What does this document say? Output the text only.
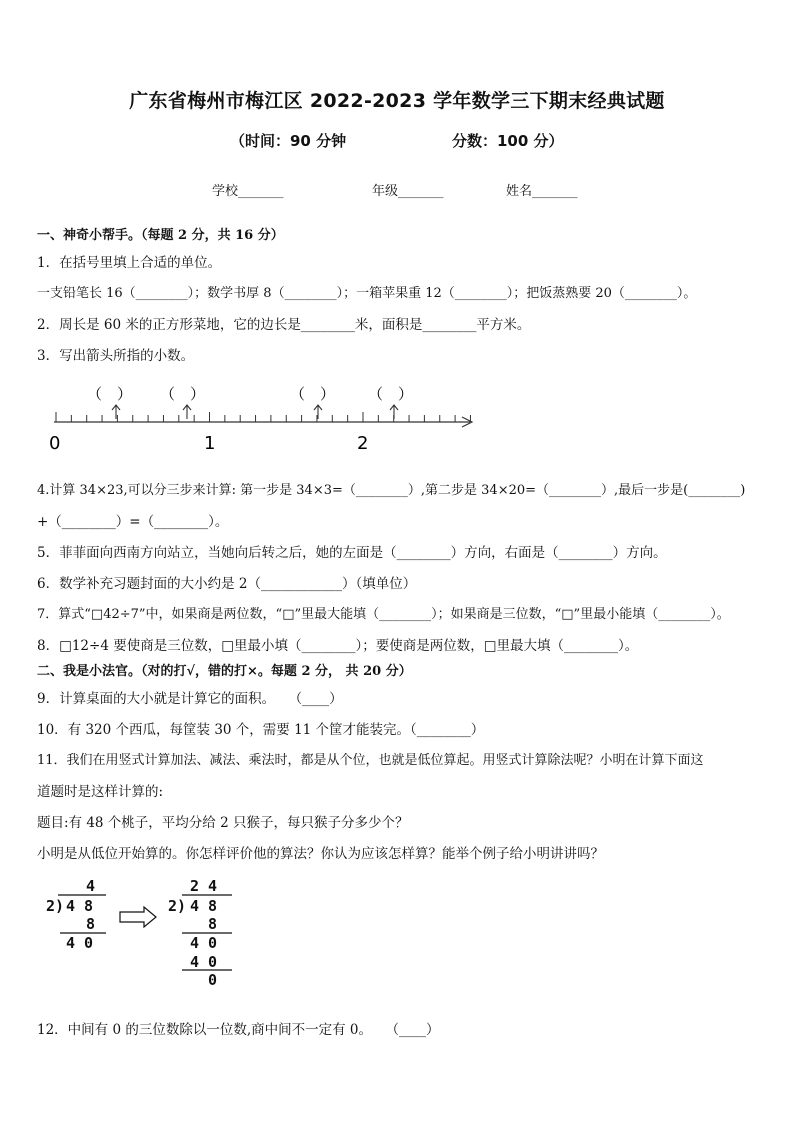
广东省梅州市梅江区 2022-2023 学年数学三下期末经典试题
（时间：90 分钟	分数：100 分）
学校_______	年级_______	姓名_______
一、神奇小帮手。（每题 2 分，共 16 分）
1．在括号里填上合适的单位。
一支铅笔长 16（________）；数学书厚 8（________）；一箱苹果重 12（________）；把饭蒸熟要 20（________）。
2．周长是 60 米的正方形菜地，它的边长是________米，面积是________平方米。
3．写出箭头所指的小数。
（　） （　）	（　） （　）
0	1	2
4.计算 34×23,可以分三步来计算: 第一步是 34×3=（________）,第二步是 34×20=（________）,最后一步是(________)
+（________）=（________）。
5．菲菲面向西南方向站立，当她向后转之后，她的左面是（________）方向，右面是（________）方向。
6．数学补充习题封面的大小约是 2（____________）（填单位）
7．算式“□42÷7”中，如果商是两位数，“□”里最大能填（________）；如果商是三位数，“□”里最小能填（________）。
8．□12÷4 要使商是三位数，□里最小填（________）；要使商是两位数，□里最大填（________）。
二、我是小法官。（对的打√，错的打×。每题 2 分， 共 20 分）
9．计算桌面的大小就是计算它的面积。　　（____）
10．有 320 个西瓜，每筐装 30 个，需要 11 个筐才能装完。（________）
11．我们在用竖式计算加法、减法、乘法时，都是从个位，也就是低位算起。用竖式计算除法呢？小明在计算下面这
道题时是这样计算的:
题目:有 48 个桃子，平均分给 2 只猴子，每只猴子分多少个？
小明是从低位开始算的。你怎样评价他的算法？你认为应该怎样算？能举个例子给小明讲讲吗？
4
2) 4 8
8
4 0
2 4
2) 4 8
8
4 0
4 0
0
12．中间有 0 的三位数除以一位数,商中间不一定有 0。　　（____）
